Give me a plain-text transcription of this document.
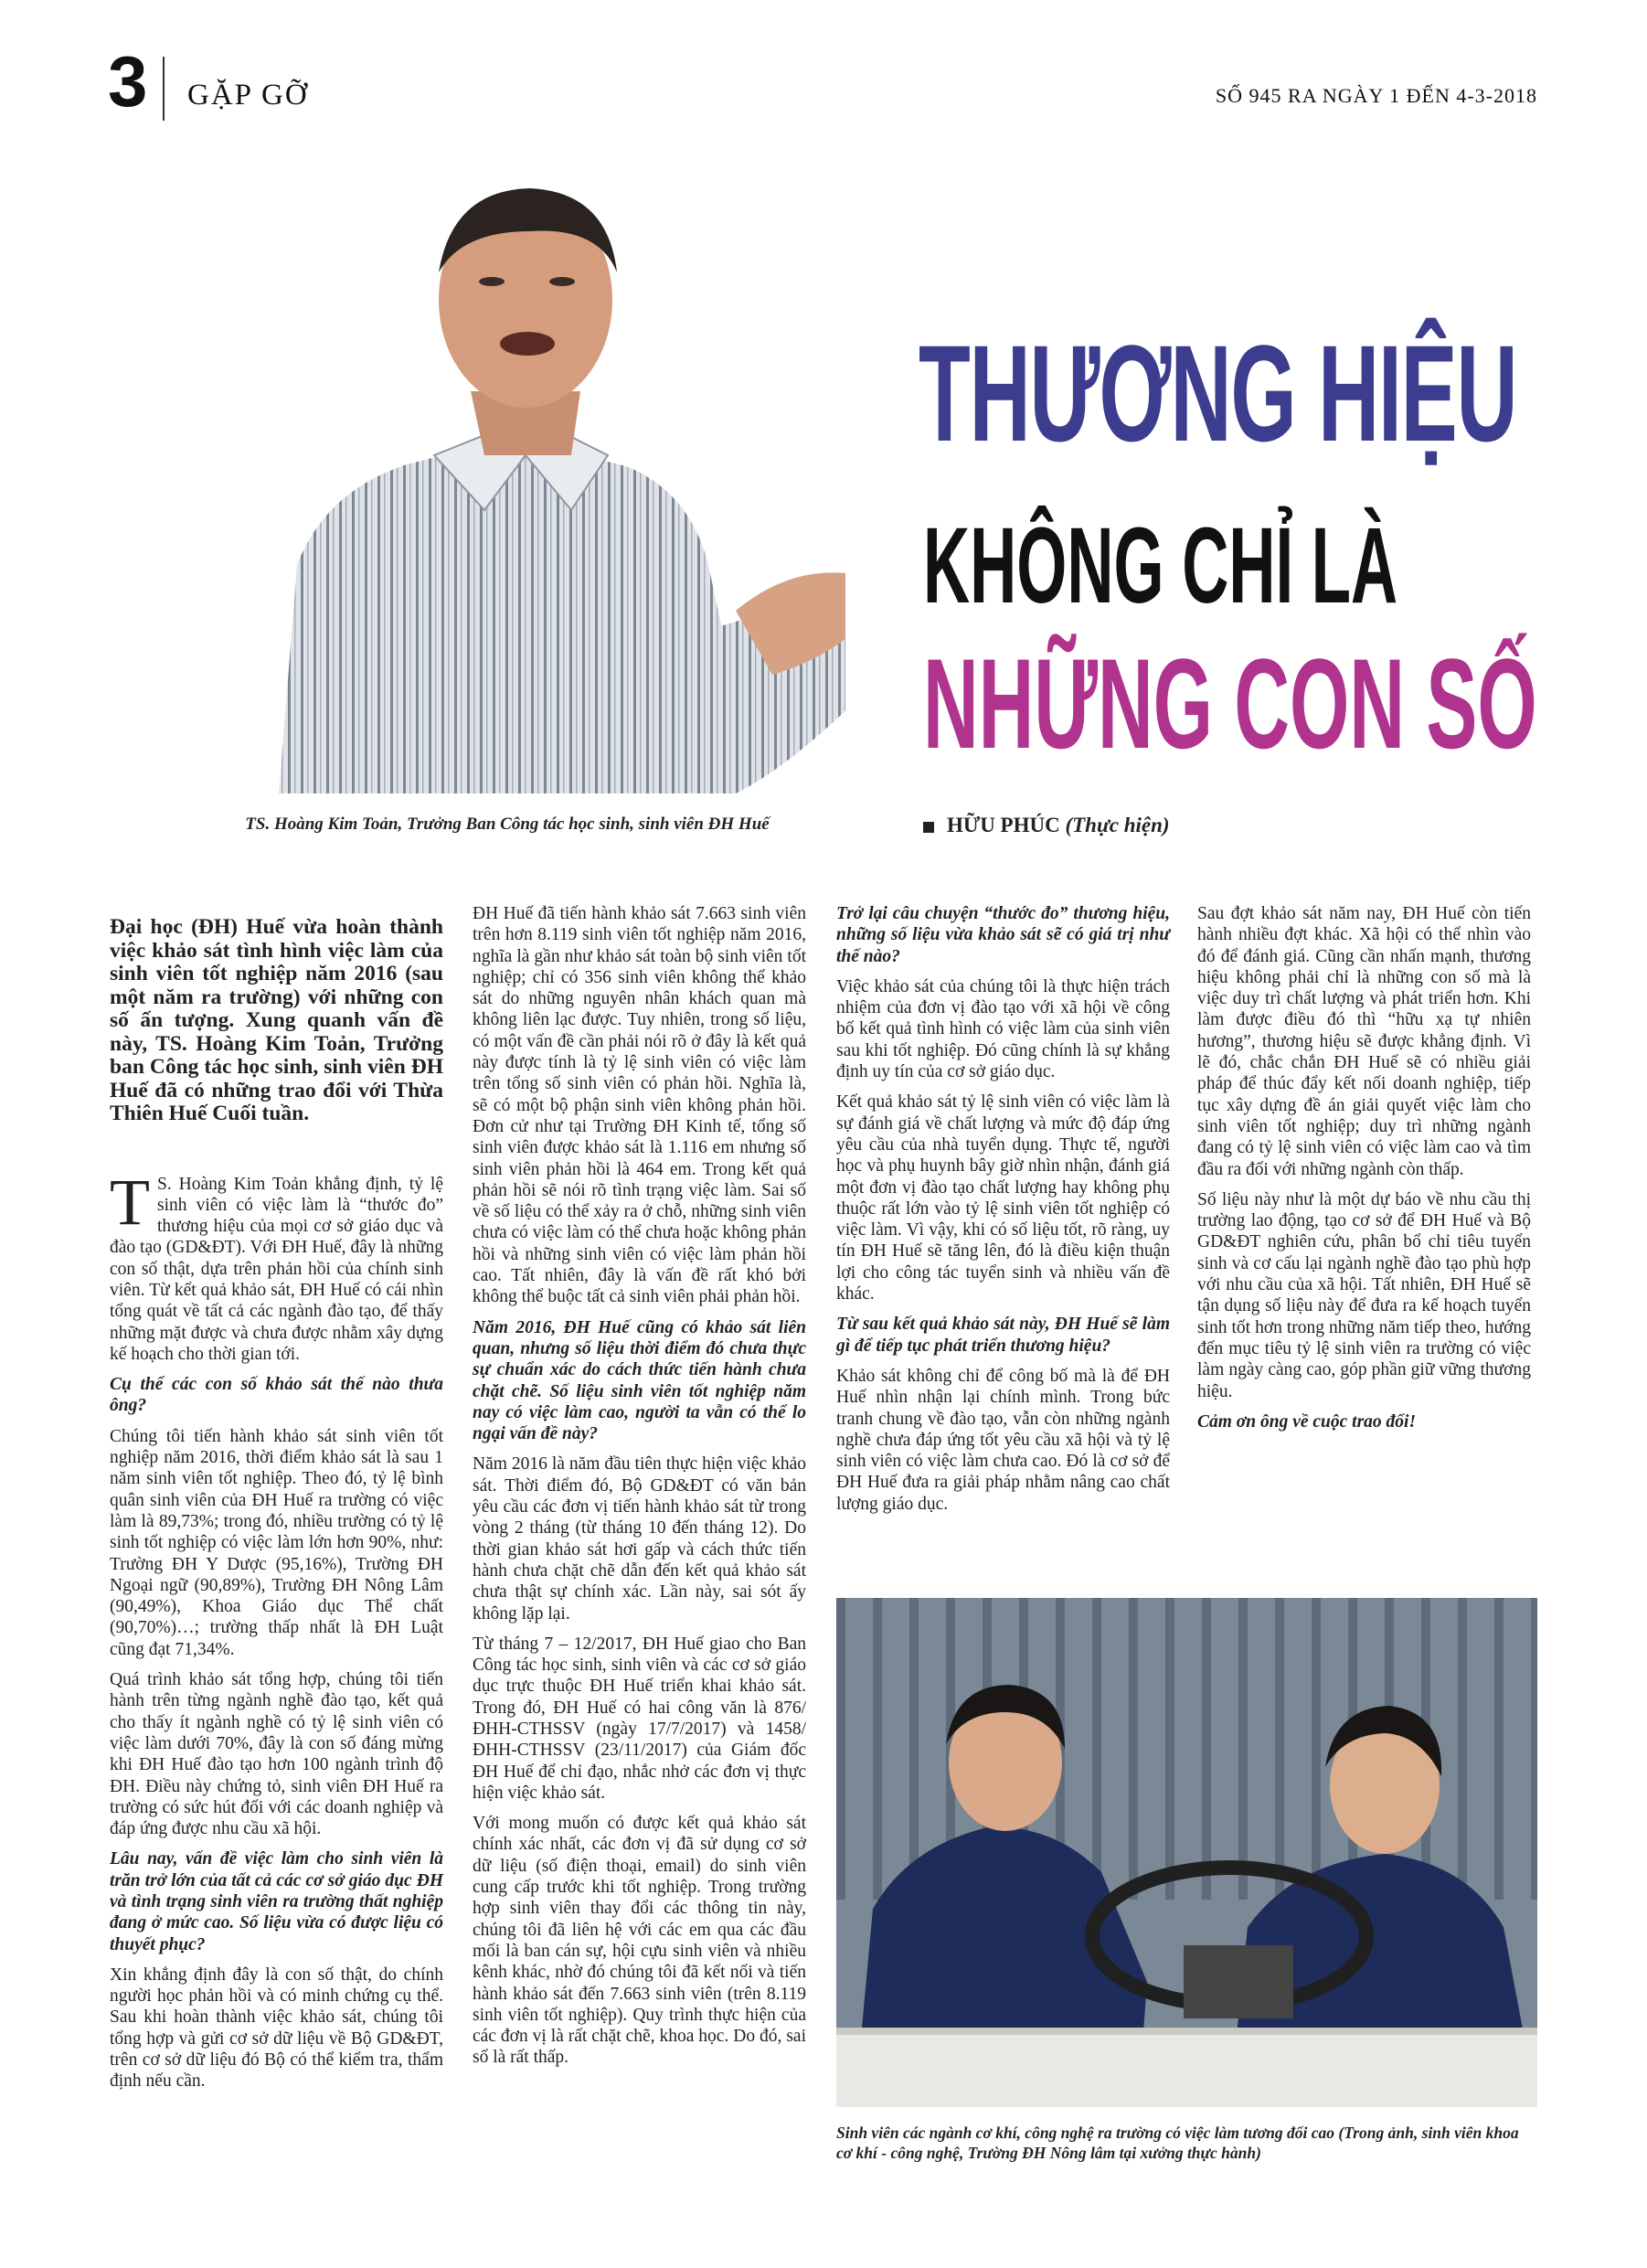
3 GẶP GỠ	SỐ 945 RA NGÀY 1 ĐẾN 4-3-2018
TS. Hoàng Kim Toản, Trưởng Ban Công tác học sinh, sinh viên ĐH Huế
THƯƠNG HIỆU
KHÔNG CHỈ LÀ
NHỮNG CON SỐ
HỮU PHÚC (Thực hiện)

Đại học (ĐH) Huế vừa hoàn thành việc khảo sát tình hình việc làm của sinh viên tốt nghiệp năm 2016 (sau một năm ra trường) với những con số ấn tượng. Xung quanh vấn đề này, TS. Hoàng Kim Toản, Trưởng ban Công tác học sinh, sinh viên ĐH Huế đã có những trao đổi với Thừa Thiên Huế Cuối tuần.

T S. Hoàng Kim Toản khẳng định, tỷ lệ sinh viên có việc làm là “thước đo” thương hiệu của mọi cơ sở giáo dục và đào tạo (GD&ĐT). Với ĐH Huế, đây là những con số thật, dựa trên phản hồi của chính sinh viên. Từ kết quả khảo sát, ĐH Huế có cái nhìn tổng quát về tất cả các ngành đào tạo, để thấy những mặt được và chưa được nhằm xây dựng kế hoạch cho thời gian tới.

Cụ thể các con số khảo sát thế nào thưa ông?

Chúng tôi tiến hành khảo sát sinh viên tốt nghiệp năm 2016, thời điểm khảo sát là sau 1 năm sinh viên tốt nghiệp. Theo đó, tỷ lệ bình quân sinh viên của ĐH Huế ra trường có việc làm là 89,73%; trong đó, nhiều trường có tỷ lệ sinh tốt nghiệp có việc làm lớn hơn 90%, như: Trường ĐH Y Dược (95,16%), Trường ĐH Ngoại ngữ (90,89%), Trường ĐH Nông Lâm (90,49%), Khoa Giáo dục Thể chất (90,70%)…; trường thấp nhất là ĐH Luật cũng đạt 71,34%.

Quá trình khảo sát tổng hợp, chúng tôi tiến hành trên từng ngành nghề đào tạo, kết quả cho thấy ít ngành nghề có tỷ lệ sinh viên có việc làm dưới 70%, đây là con số đáng mừng khi ĐH Huế đào tạo hơn 100 ngành trình độ ĐH. Điều này chứng tỏ, sinh viên ĐH Huế ra trường có sức hút đối với các doanh nghiệp và đáp ứng được nhu cầu xã hội.

Lâu nay, vấn đề việc làm cho sinh viên là trăn trở lớn của tất cả các cơ sở giáo dục ĐH và tình trạng sinh viên ra trường thất nghiệp đang ở mức cao. Số liệu vừa có được liệu có thuyết phục?

Xin khẳng định đây là con số thật, do chính người học phản hồi và có minh chứng cụ thể. Sau khi hoàn thành việc khảo sát, chúng tôi tổng hợp và gửi cơ sở dữ liệu về Bộ GD&ĐT, trên cơ sở dữ liệu đó Bộ có thể kiểm tra, thẩm định nếu cần.

ĐH Huế đã tiến hành khảo sát 7.663 sinh viên trên hơn 8.119 sinh viên tốt nghiệp năm 2016, nghĩa là gần như khảo sát toàn bộ sinh viên tốt nghiệp; chỉ có 356 sinh viên không thể khảo sát do những nguyên nhân khách quan mà không liên lạc được. Tuy nhiên, trong số liệu, có một vấn đề cần phải nói rõ ở đây là kết quả này được tính là tỷ lệ sinh viên có việc làm trên tổng số sinh viên có phản hồi. Nghĩa là, sẽ có một bộ phận sinh viên không phản hồi. Đơn cử như tại Trường ĐH Kinh tế, tổng số sinh viên được khảo sát là 1.116 em nhưng số sinh viên phản hồi là 464 em. Trong kết quả phản hồi sẽ nói rõ tình trạng việc làm. Sai số về số liệu có thể xảy ra ở chỗ, những sinh viên chưa có việc làm có thể chưa hoặc không phản hồi và những sinh viên có việc làm phản hồi cao. Tất nhiên, đây là vấn đề rất khó bởi không thể buộc tất cả sinh viên phải phản hồi.

Năm 2016, ĐH Huế cũng có khảo sát liên quan, nhưng số liệu thời điểm đó chưa thực sự chuẩn xác do cách thức tiến hành chưa chặt chẽ. Số liệu sinh viên tốt nghiệp năm nay có việc làm cao, người ta vẫn có thể lo ngại vấn đề này?

Năm 2016 là năm đầu tiên thực hiện việc khảo sát. Thời điểm đó, Bộ GD&ĐT có văn bản yêu cầu các đơn vị tiến hành khảo sát từ trong vòng 2 tháng (từ tháng 10 đến tháng 12). Do thời gian khảo sát hơi gấp và cách thức tiến hành chưa chặt chẽ dẫn đến kết quả khảo sát chưa thật sự chính xác. Lần này, sai sót ấy không lặp lại.

Từ tháng 7 – 12/2017, ĐH Huế giao cho Ban Công tác học sinh, sinh viên và các cơ sở giáo dục trực thuộc ĐH Huế triển khai khảo sát. Trong đó, ĐH Huế có hai công văn là 876/ĐHH-CTHSSV (ngày 17/7/2017) và 1458/ĐHH-CTHSSV (23/11/2017) của Giám đốc ĐH Huế để chỉ đạo, nhắc nhở các đơn vị thực hiện việc khảo sát.

Với mong muốn có được kết quả khảo sát chính xác nhất, các đơn vị đã sử dụng cơ sở dữ liệu (số điện thoại, email) do sinh viên cung cấp trước khi tốt nghiệp. Trong trường hợp sinh viên thay đổi các thông tin này, chúng tôi đã liên hệ với các em qua các đầu mối là ban cán sự, hội cựu sinh viên và nhiều kênh khác, nhờ đó chúng tôi đã kết nối và tiến hành khảo sát đến 7.663 sinh viên (trên 8.119 sinh viên tốt nghiệp). Quy trình thực hiện của các đơn vị là rất chặt chẽ, khoa học. Do đó, sai số là rất thấp.

Trở lại câu chuyện “thước đo” thương hiệu, những số liệu vừa khảo sát sẽ có giá trị như thế nào?

Việc khảo sát của chúng tôi là thực hiện trách nhiệm của đơn vị đào tạo với xã hội về công bố kết quả tình hình có việc làm của sinh viên sau khi tốt nghiệp. Đó cũng chính là sự khẳng định uy tín của cơ sở giáo dục.

Kết quả khảo sát tỷ lệ sinh viên có việc làm là sự đánh giá về chất lượng và mức độ đáp ứng yêu cầu của nhà tuyển dụng. Thực tế, người học và phụ huynh bây giờ nhìn nhận, đánh giá một đơn vị đào tạo chất lượng hay không phụ thuộc rất lớn vào tỷ lệ sinh viên tốt nghiệp có việc làm. Vì vậy, khi có số liệu tốt, rõ ràng, uy tín ĐH Huế sẽ tăng lên, đó là điều kiện thuận lợi cho công tác tuyển sinh và nhiều vấn đề khác.

Từ sau kết quả khảo sát này, ĐH Huế sẽ làm gì để tiếp tục phát triển thương hiệu?

Khảo sát không chỉ để công bố mà là để ĐH Huế nhìn nhận lại chính mình. Trong bức tranh chung về đào tạo, vẫn còn những ngành nghề chưa đáp ứng tốt yêu cầu xã hội và tỷ lệ sinh viên có việc làm chưa cao. Đó là cơ sở để ĐH Huế đưa ra giải pháp nhằm nâng cao chất lượng giáo dục.

Sau đợt khảo sát năm nay, ĐH Huế còn tiến hành nhiều đợt khác. Xã hội có thể nhìn vào đó để đánh giá. Cũng cần nhấn mạnh, thương hiệu không phải chỉ là những con số mà là việc duy trì chất lượng và phát triển hơn. Khi làm được điều đó thì “hữu xạ tự nhiên hương”, thương hiệu sẽ được khẳng định. Vì lẽ đó, chắc chắn ĐH Huế sẽ có nhiều giải pháp để thúc đẩy kết nối doanh nghiệp, tiếp tục xây dựng đề án giải quyết việc làm cho sinh viên tốt nghiệp; duy trì những ngành đang có tỷ lệ sinh viên có việc làm cao và tìm đầu ra đối với những ngành còn thấp.

Số liệu này như là một dự báo về nhu cầu thị trường lao động, tạo cơ sở để ĐH Huế và Bộ GD&ĐT nghiên cứu, phân bổ chỉ tiêu tuyển sinh và cơ cấu lại ngành nghề đào tạo phù hợp với nhu cầu của xã hội. Tất nhiên, ĐH Huế sẽ tận dụng số liệu này để đưa ra kế hoạch tuyển sinh tốt hơn trong những năm tiếp theo, hướng đến mục tiêu tỷ lệ sinh viên ra trường có việc làm ngày càng cao, góp phần giữ vững thương hiệu.

Cảm ơn ông về cuộc trao đổi!

Sinh viên các ngành cơ khí, công nghệ ra trường có việc làm tương đối cao (Trong ảnh, sinh viên khoa cơ khí - công nghệ, Trường ĐH Nông lâm tại xưởng thực hành)
